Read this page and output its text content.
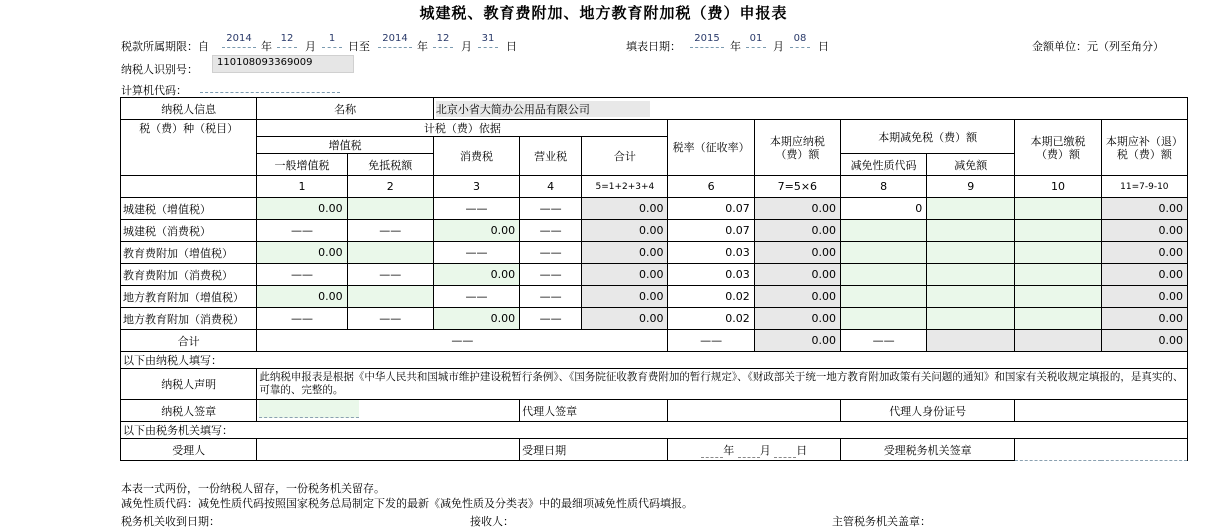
城建税、教育费附加、地方教育附加税（费）申报表
税款所属期限：自
2014
年
12
月
1
日至
2014
年
12
月
31
日	填表日期：
2015
年
01
月
08
日	金额单位：元（列至角分）
纳税人识别号：
110108093369009
计算机代码：
纳税人信息	名称		北京小省大简办公用品有限公司								
税（费）种（税目）	计税（费）依据					税率（征收率）	本期应纳税（费）额	本期减免税（费）额		本期已缴税（费）额	本期应补（退）税（费）额
	增值税		消费税	营业税	合计						
	一般增值税	免抵税额						减免性质代码	减免额		
	1	2	3	4	5=1+2+3+4	6	7=5×6	8	9	10	11=7-9-10
城建税（增值税）	0.00		——	——	0.00	0.07	0.00	0			0.00
城建税（消费税）	——	——	0.00	——	0.00	0.07	0.00				0.00
教育费附加（增值税）	0.00		——	——	0.00	0.03	0.00				0.00
教育费附加（消费税）	——	——	0.00	——	0.00	0.03	0.00				0.00
地方教育附加（增值税）	0.00		——	——	0.00	0.02	0.00				0.00
地方教育附加（消费税）	——	——	0.00	——	0.00	0.02	0.00				0.00
合计	——					——	0.00	——			0.00
以下由纳税人填写：											
纳税人声明	此纳税申报表是根据《中华人民共和国城市维护建设税暂行条例》、《国务院征收教育费附加的暂行规定》、《财政部关于统一地方教育附加政策有关问题的通知》和国家有关税收规定填报的，是真实的、可靠的、完整的。										
纳税人签章				代理人签章				代理人身份证号			
以下由税务机关填写：											
受理人				受理日期		年 月 日		受理税务机关签章			
本表一式两份，一份纳税人留存，一份税务机关留存。
减免性质代码：减免性质代码按照国家税务总局制定下发的最新《减免性质及分类表》中的最细项减免性质代码填报。
税务机关收到日期：	接收人：	主管税务机关盖章：
